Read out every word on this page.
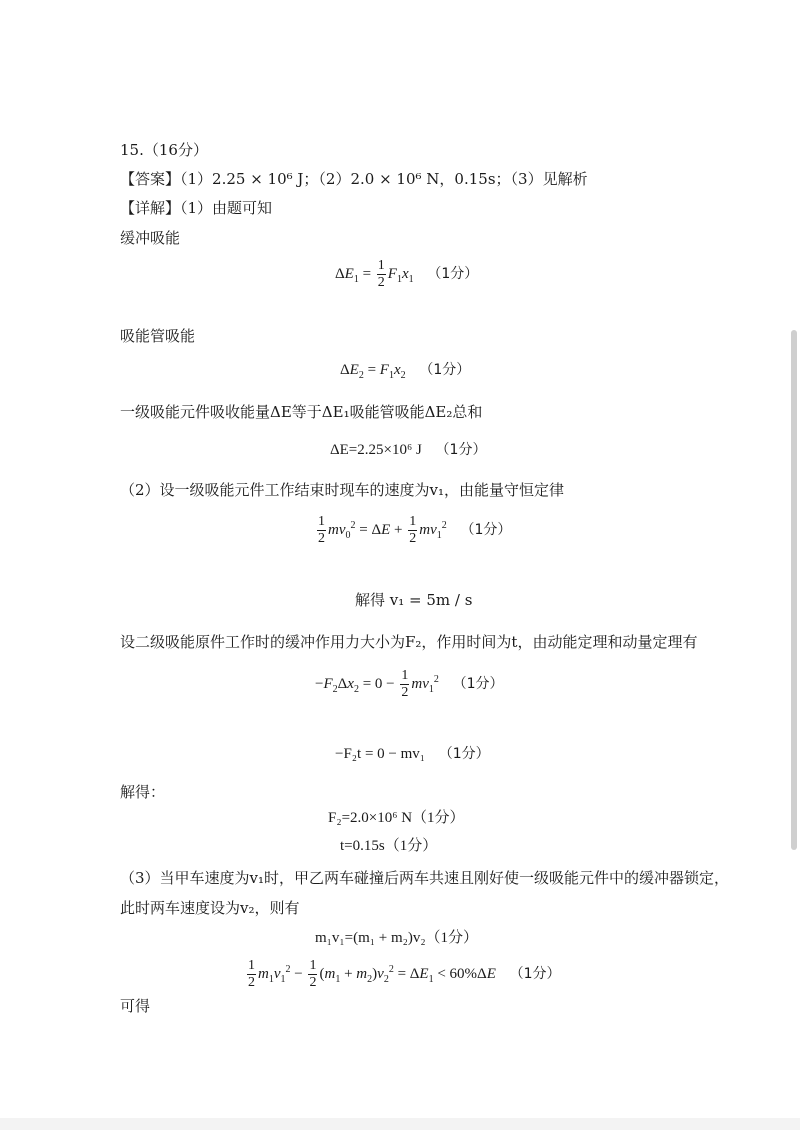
15.（16分）
【答案】（1）2.25 × 10⁶ J；（2）2.0 × 10⁶ N，0.15s；（3）见解析
【详解】（1）由题可知
缓冲吸能
$\Delta E_1 = \frac{1}{2} F_1x_1$ （1分）
吸能管吸能
$\Delta E_2 = F_1x_2$ （1分）
一级吸能元件吸收能量ΔE等于ΔE₁吸能管吸能ΔE₂总和
ΔE=2.25×10⁶ J （1分）
（2）设一级吸能元件工作结束时现车的速度为v₁，由能量守恒定律
$\frac{1}{2} mv_0^2 = \Delta E + \frac{1}{2} mv_1^2$ （1分）
解得 v₁ = 5m / s
设二级吸能原件工作时的缓冲作用力大小为F₂，作用时间为t，由动能定理和动量定理有
$-F_2\Delta x_2 = 0 - \frac{1}{2} mv_1^2$ （1分）
−F₂t = 0 − mv₁ （1分）
解得：
F₂=2.0×10⁶ N（1分）
t=0.15s（1分）
（3）当甲车速度为v₁时，甲乙两车碰撞后两车共速且刚好使一级吸能元件中的缓冲器锁定，
此时两车速度设为v₂，则有
m₁v₁=(m₁ + m₂)v₂（1分）
$\frac{1}{2} m_1v_1^2 - \frac{1}{2} (m_1 + m_2)v_2^2 = \Delta E_1 < 60\%\Delta E$ （1分）
可得
